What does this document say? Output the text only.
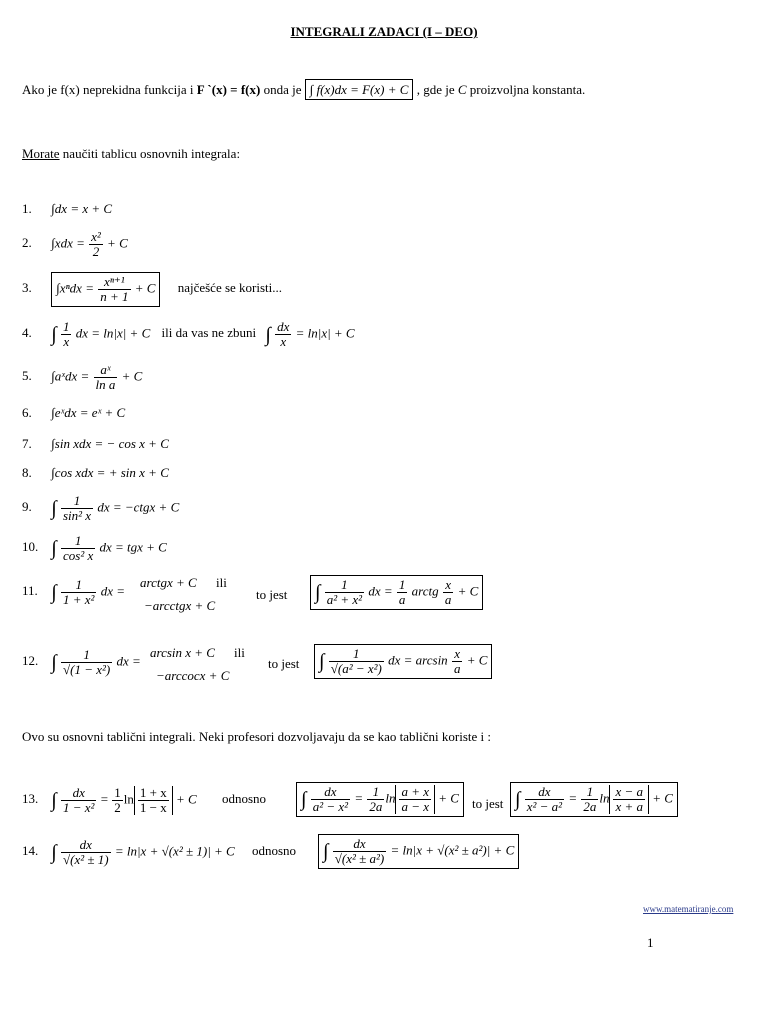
INTEGRALI ZADACI (I – DEO)
Ako je f(x) neprekidna funkcija i F `(x) = f(x) onda je ∫ f(x)dx = F(x) + C , gde je C proizvoljna konstanta.
Morate naučiti tablicu osnovnih integrala:
1. ∫dx = x + C
2. $\int xdx = \frac{\text{x²}}{2} + C$
3. $\int x^ndx = \frac{\text{xⁿ⁺¹}}{n + 1} + C$ najčešće se koristi...
4. ∫ $\frac{1}{x}$ dx = ln|x| + C ili da vas ne zbuni ∫ $\frac{dx}{x} = \ln|x| + C$
5. ∫aˣdx = $\frac{\text{aˣ}}{\text{ln a}} + C$
6. ∫eˣdx = eˣ + C
7. ∫sin xdx = − cos x + C
8. ∫cos xdx = + sin x + C
9. ∫ $\frac{1}{\text{sin² x}}$ dx = −ctgx + C
10. ∫ $\frac{1}{\text{cos² x}}$ dx = tgx + C
11. ∫ $\frac{1}{\text{1 + x²}}$ dx =
arctgx + C ili
−arcctgx + C
to jest ∫ $\frac{1}{\text{a² + x²}}$ dx = $\frac{1}{a}$ arctg $\frac{x}{a} + C$
12. ∫ $\frac{1}{\text{√(1 − x²)}}$ dx =
arcsin x + C ili
−arccocx + C
to jest ∫ $\frac{1}{\text{√(a² − x²)}}$ dx = $\arcsin \frac{x}{a} + C$
Ovo su osnovni tablični integrali. Neki profesori dozvoljavaju da se kao tablični koriste i :
13. ∫ $\frac{dx}{\text{1 − x²}} = \frac{1}{2}$ $\ln \frac{1 + x}{1 - x} + C$ odnosno ∫ $\frac{dx}{\text{a² − x²}} = \frac{1}{2a}$ $\ln \frac{a + x}{a - x} + C$	to jest ∫ $\frac{dx}{\text{x² − a²}} = \frac{1}{2a}$ $\ln \frac{x - a}{x + a} + C$
14. ∫ $\frac{dx}{\text{√(x² ± 1)}} = \ln|x + √(x^2 \pm 1)| + C$ odnosno ∫ $\frac{dx}{\text{√(x² ± a²)}} = \ln|x + √(x^2 \pm a^2)| + C$
www.matematiranje.com
1
